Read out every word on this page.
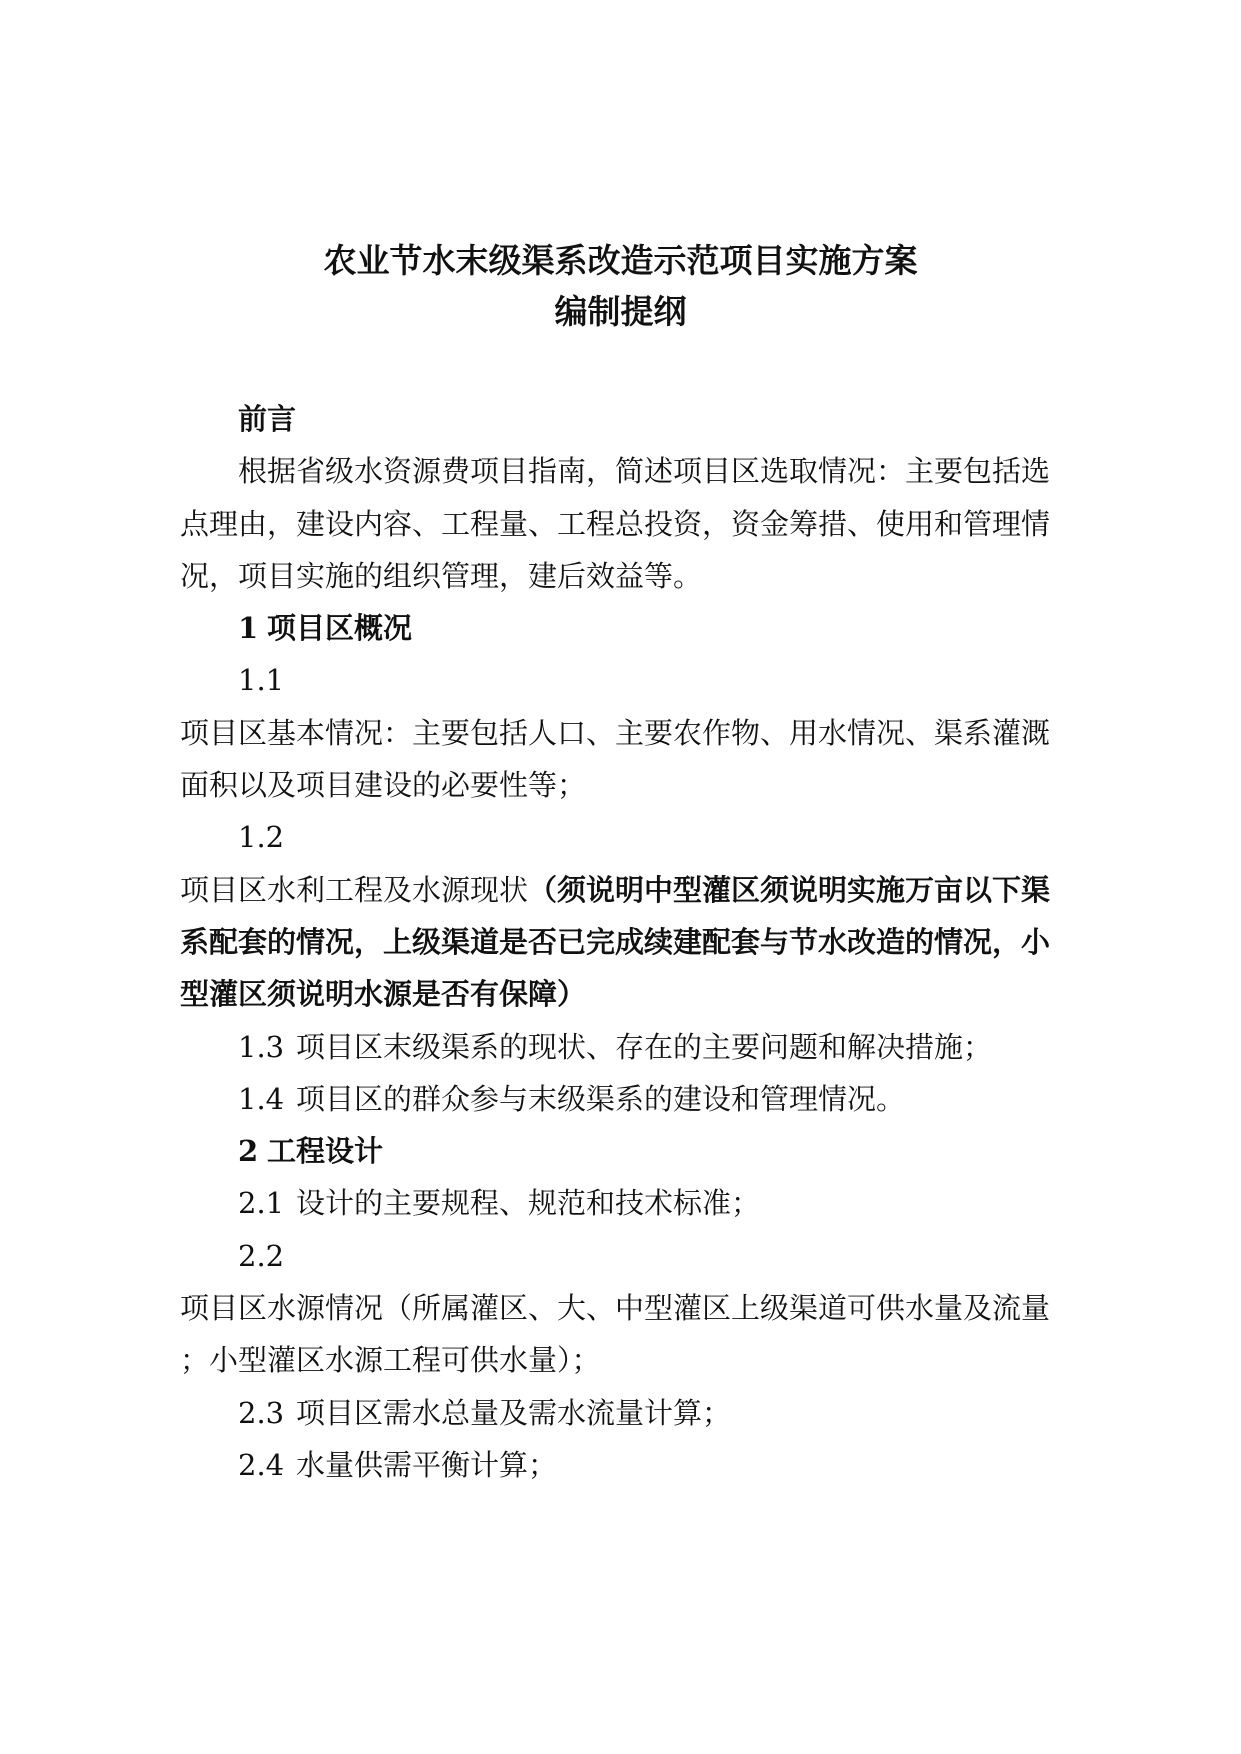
农业节水末级渠系改造示范项目实施方案
编制提纲
前言
根据省级水资源费项目指南，简述项目区选取情况：主要包括选
点理由，建设内容、工程量、工程总投资，资金筹措、使用和管理情
况，项目实施的组织管理，建后效益等。
1 项目区概况
1.1
项目区基本情况：主要包括人口、主要农作物、用水情况、渠系灌溉
面积以及项目建设的必要性等；
1.2
项目区水利工程及水源现状（须说明中型灌区须说明实施万亩以下渠
系配套的情况，上级渠道是否已完成续建配套与节水改造的情况，小
型灌区须说明水源是否有保障）
1.3 项目区末级渠系的现状、存在的主要问题和解决措施；
1.4 项目区的群众参与末级渠系的建设和管理情况。
2 工程设计
2.1 设计的主要规程、规范和技术标准；
2.2
项目区水源情况（所属灌区、大、中型灌区上级渠道可供水量及流量
；小型灌区水源工程可供水量）；
2.3 项目区需水总量及需水流量计算；
2.4 水量供需平衡计算；
